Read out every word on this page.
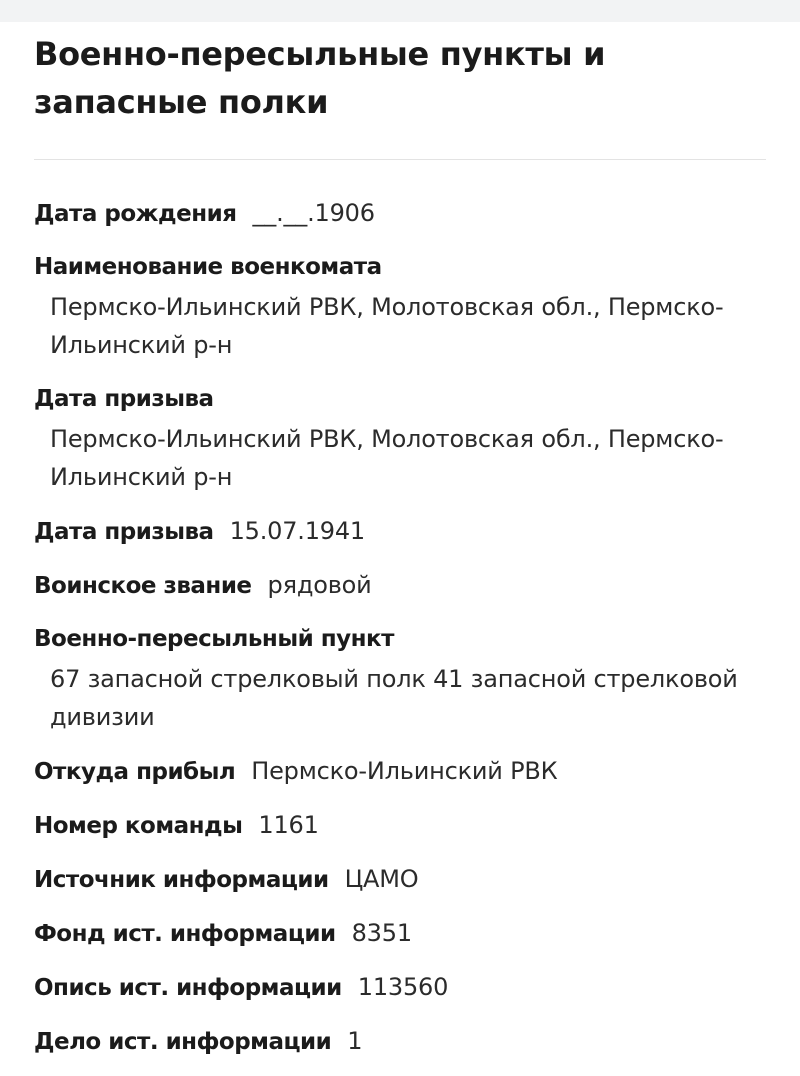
Военно-пересыльные пункты и запасные полки
Дата рождения __.__.1906
Наименование военкомата
Пермско-Ильинский РВК, Молотовская обл., Пермско-Ильинский р-н
Дата призыва
Пермско-Ильинский РВК, Молотовская обл., Пермско-Ильинский р-н
Дата призыва 15.07.1941
Воинское звание рядовой
Военно-пересыльный пункт
67 запасной стрелковый полк 41 запасной стрелковой дивизии
Откуда прибыл Пермско-Ильинский РВК
Номер команды 1161
Источник информации ЦАМО
Фонд ист. информации 8351
Опись ист. информации 113560
Дело ист. информации 1
